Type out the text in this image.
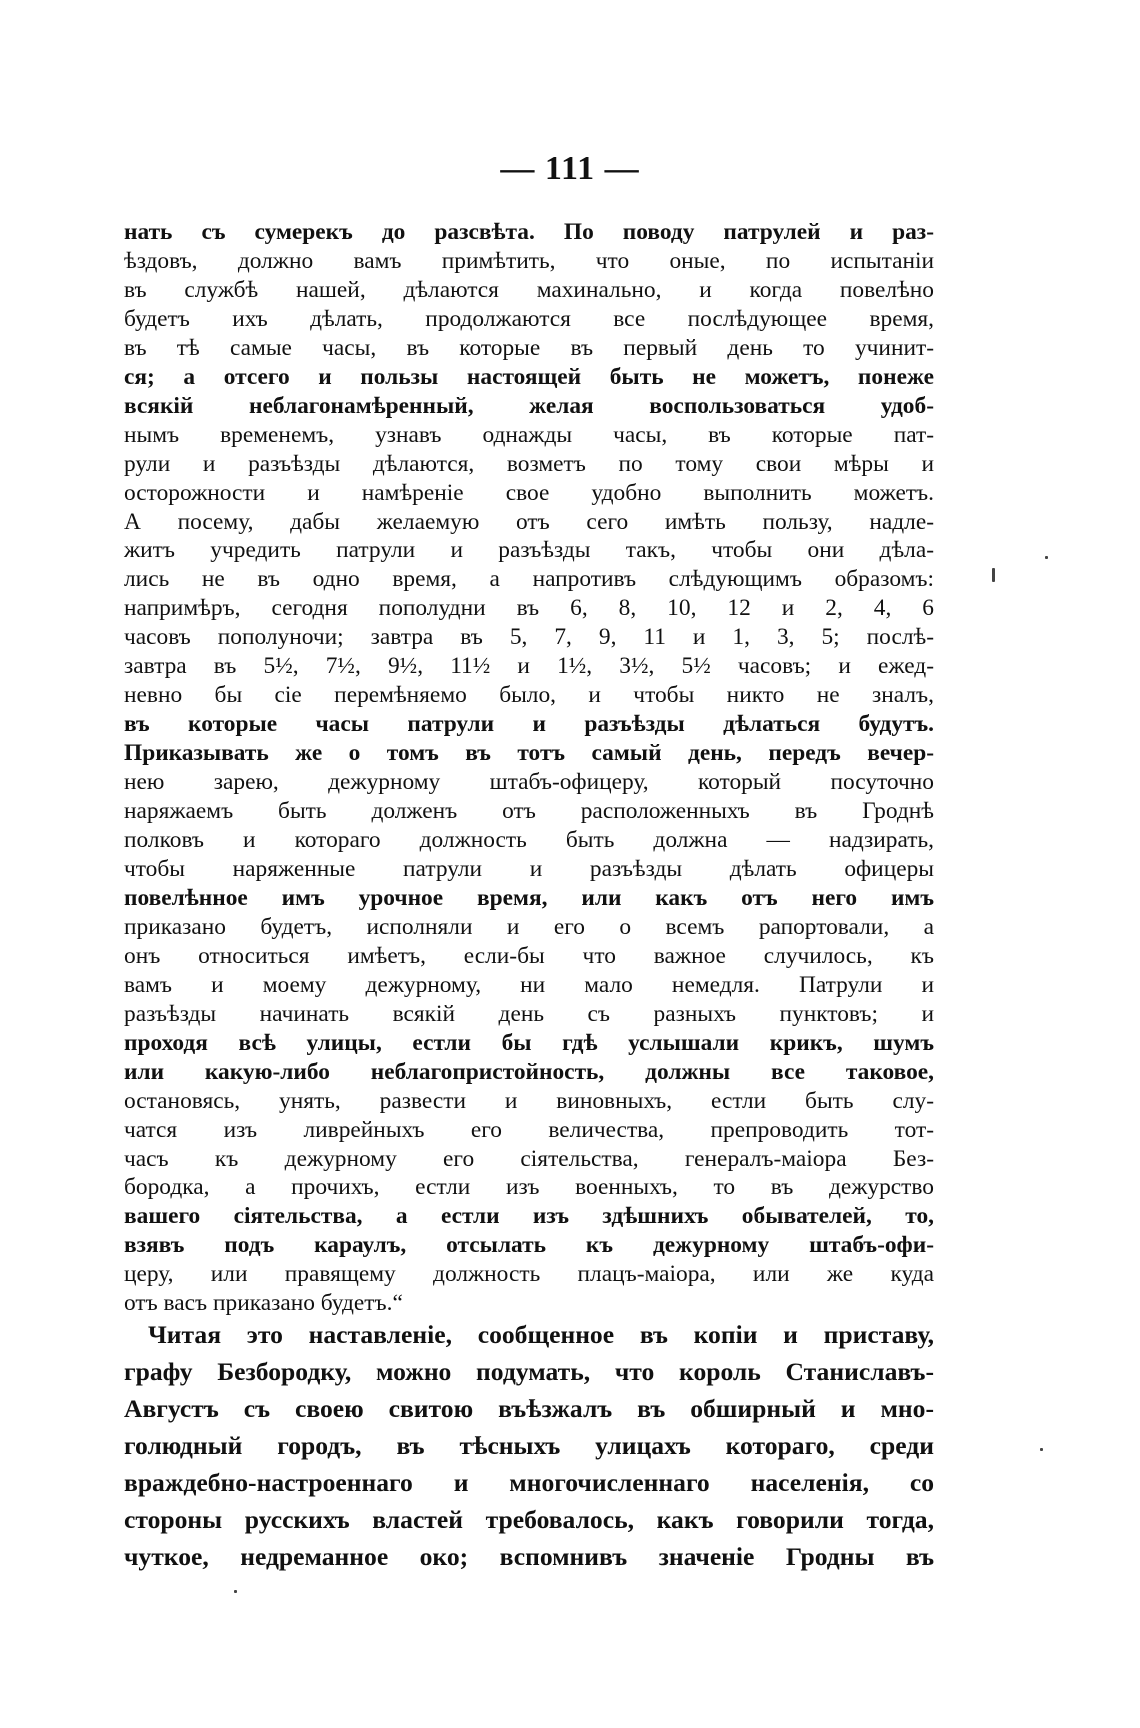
— 111 —
нать съ сумерекъ до разсвѣта. По поводу патрулей и раз-
ѣздовъ, должно вамъ примѣтить, что оные, по испытаніи
въ службѣ нашей, дѣлаются махинально, и когда повелѣно
будетъ ихъ дѣлать, продолжаются все послѣдующее время,
въ тѣ самые часы, въ которые въ первый день то учинит-
ся; а отсего и пользы настоящей быть не можетъ, понеже
всякій неблагонамѣренный, желая воспользоваться удоб-
нымъ временемъ, узнавъ однажды часы, въ которые пат-
рули и разъѣзды дѣлаются, возметъ по тому свои мѣры и
осторожности и намѣреніе свое удобно выполнить можетъ.
А посему, дабы желаемую отъ сего имѣть пользу, надле-
житъ учредить патрули и разъѣзды такъ, чтобы они дѣла-
лись не въ одно время, а напротивъ слѣдующимъ образомъ:
напримѣръ, сегодня пополудни въ 6, 8, 10, 12 и 2, 4, 6
часовъ пополуночи; завтра въ 5, 7, 9, 11 и 1, 3, 5; послѣ-
завтра въ 5½, 7½, 9½, 11½ и 1½, 3½, 5½ часовъ; и ежед-
невно бы сіе перемѣняемо было, и чтобы никто не зналъ,
въ которые часы патрули и разъѣзды дѣлаться будутъ.
Приказывать же о томъ въ тотъ самый день, передъ вечер-
нею зарею, дежурному штабъ-офицеру, который посуточно
наряжаемъ быть долженъ отъ расположенныхъ въ Гроднѣ
полковъ и котораго должность быть должна — надзирать,
чтобы наряженные патрули и разъѣзды дѣлать офицеры
повелѣнное имъ урочное время, или какъ отъ него имъ
приказано будетъ, исполняли и его о всемъ рапортовали, а
онъ относиться имѣетъ, если-бы что важное случилось, къ
вамъ и моему дежурному, ни мало немедля. Патрули и
разъѣзды начинать всякій день съ разныхъ пунктовъ; и
проходя всѣ улицы, естли бы гдѣ услышали крикъ, шумъ
или какую-либо неблагопристойность, должны все таковое,
остановясь, унять, развести и виновныхъ, естли быть слу-
чатся изъ ливрейныхъ его величества, препроводить тот-
часъ къ дежурному его сіятельства, генералъ-маіора Без-
бородка, а прочихъ, естли изъ военныхъ, то въ дежурство
вашего сіятельства, а естли изъ здѣшнихъ обывателей, то,
взявъ подъ караулъ, отсылать къ дежурному штабъ-офи-
церу, или правящему должность плацъ-маіора, или же куда
отъ васъ приказано будетъ.“
Читая это наставленіе, сообщенное въ копіи и приставу,
графу Безбородку, можно подумать, что король Станиславъ-
Августъ съ своею свитою въѣзжалъ въ обширный и мно-
голюдный городъ, въ тѣсныхъ улицахъ котораго, среди
враждебно-настроеннаго и многочисленнаго населенія, со
стороны русскихъ властей требовалось, какъ говорили тогда,
чуткое, недреманное око; вспомнивъ значеніе Гродны въ
